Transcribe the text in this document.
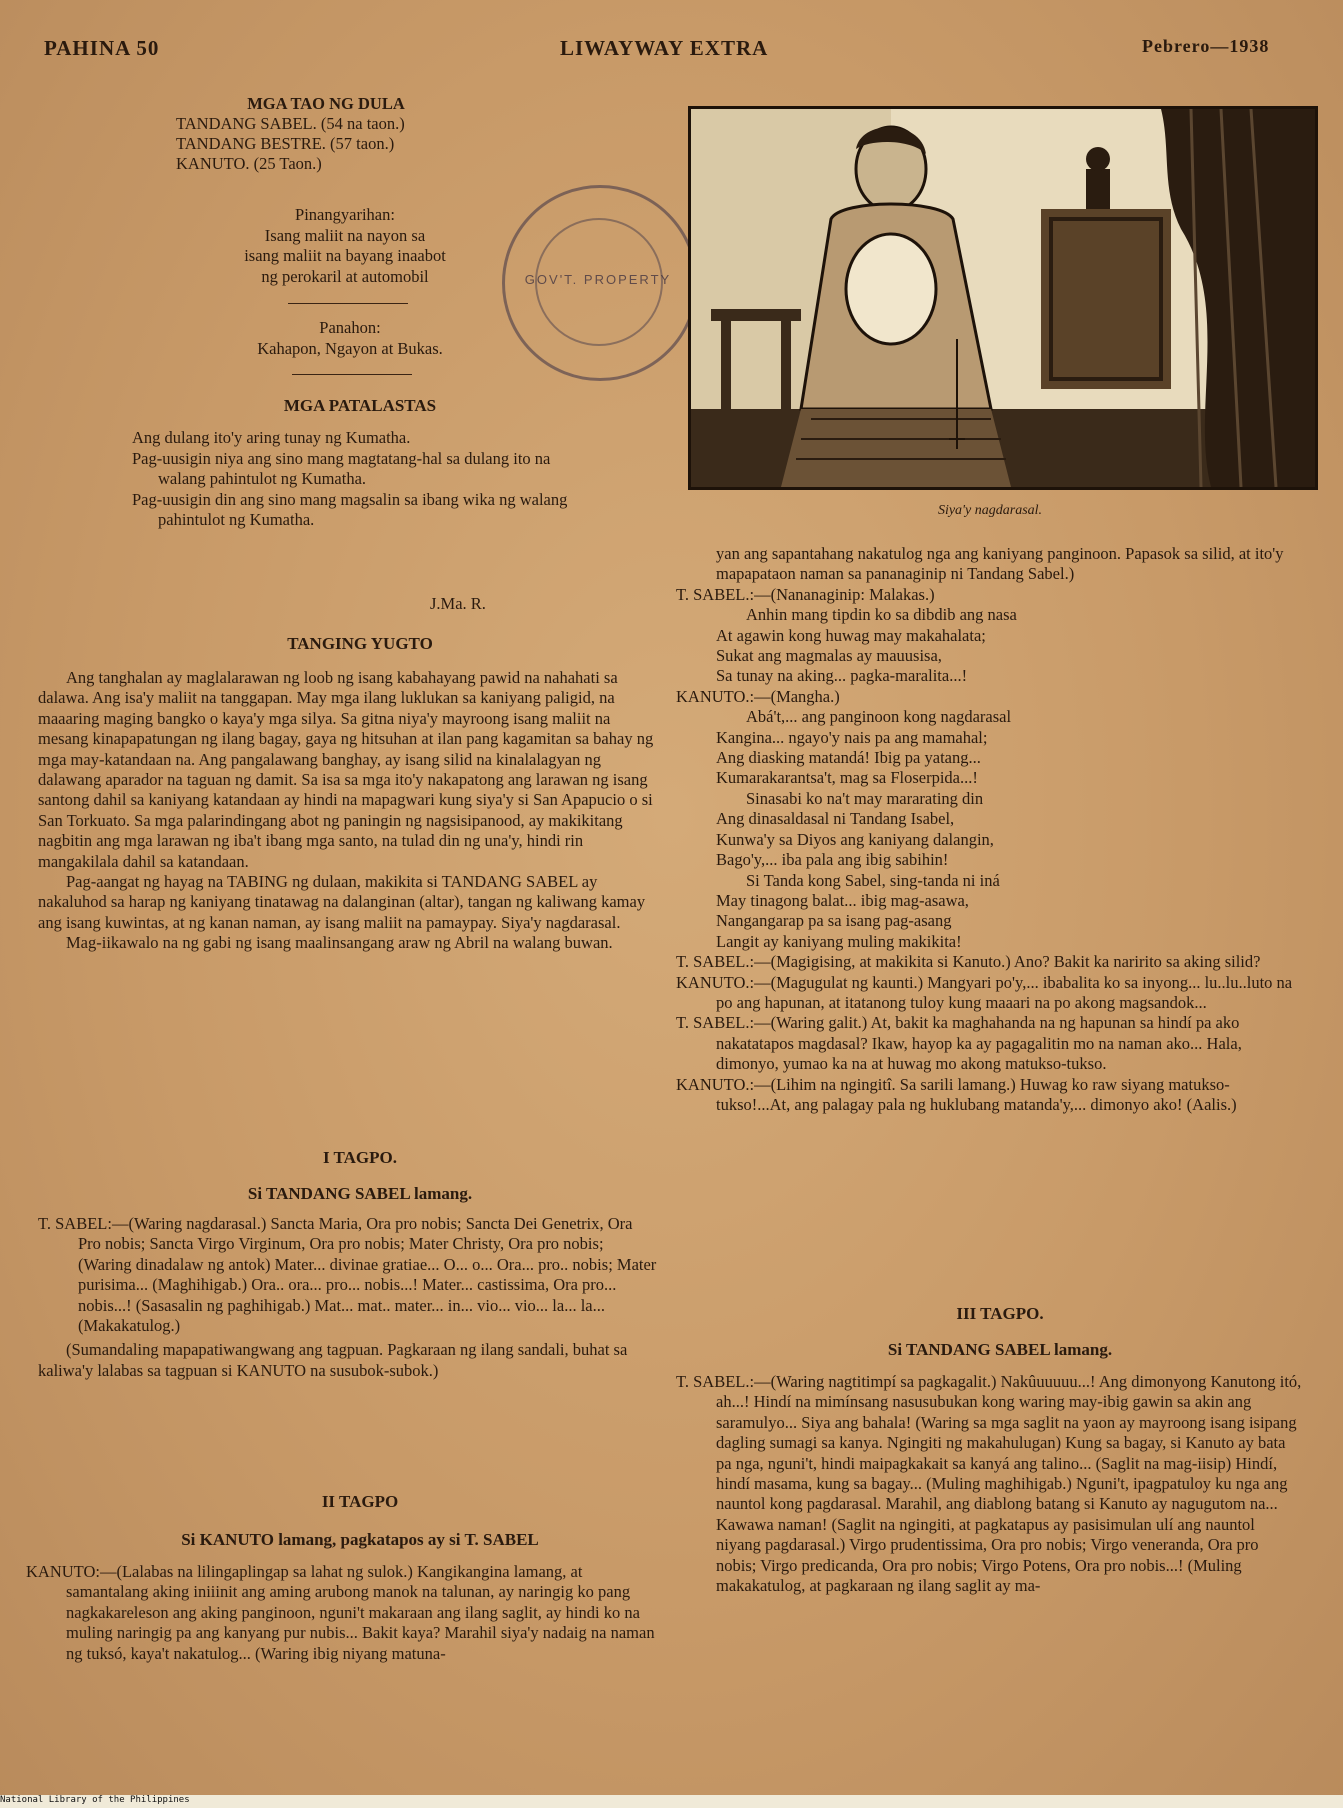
PAHINA 50	LIWAYWAY EXTRA	Pebrero—1938
MGA TAO NG DULA
TANDANG SABEL. (54 na taon.)
TANDANG BESTRE. (57 taon.)
KANUTO. (25 Taon.)
Pinangyarihan:
Isang maliit na nayon sa
isang maliit na bayang inaabot
ng perokaril at automobil
Panahon:
Kahapon, Ngayon at Bukas.
MGA PATALASTAS

Ang dulang ito'y aring tunay ng Kumatha.

Pag-uusigin niya ang sino mang magtatang-hal sa dulang ito na walang pahintulot ng Kumatha.

Pag-uusigin din ang sino mang magsalin sa ibang wika ng walang pahintulot ng Kumatha.

J.Ma. R.
GOV'T. PROPERTY
Siya'y nagdarasal.
TANGING YUGTO

Ang tanghalan ay maglalarawan ng loob ng isang kabahayang pawid na nahahati sa dalawa. Ang isa'y maliit na tanggapan. May mga ilang luklukan sa kaniyang paligid, na maaaring maging bangko o kaya'y mga silya. Sa gitna niya'y mayroong isang maliit na mesang kinapapatungan ng ilang bagay, gaya ng hitsuhan at ilan pang kagamitan sa bahay ng mga may-katandaan na. Ang pangalawang banghay, ay isang silid na kinalalagyan ng dalawang aparador na taguan ng damit. Sa isa sa mga ito'y nakapatong ang larawan ng isang santong dahil sa kaniyang katandaan ay hindi na mapagwari kung siya'y si San Apapucio o si San Torkuato. Sa mga palarindingang abot ng paningin ng nagsisipanood, ay makikitang nagbitin ang mga larawan ng iba't ibang mga santo, na tulad din ng una'y, hindi rin mangakilala dahil sa katandaan.

Pag-aangat ng hayag na TABING ng dulaan, makikita si TANDANG SABEL ay nakaluhod sa harap ng kaniyang tinatawag na dalanginan (altar), tangan ng kaliwang kamay ang isang kuwintas, at ng kanan naman, ay isang maliit na pamaypay. Siya'y nagdarasal.

Mag-iikawalo na ng gabi ng isang maalinsangang araw ng Abril na walang buwan.

I TAGPO.
Si TANDANG SABEL lamang.

T. SABEL:—(Waring nagdarasal.) Sancta Maria, Ora pro nobis; Sancta Dei Genetrix, Ora Pro nobis; Sancta Virgo Virginum, Ora pro nobis; Mater Christy, Ora pro nobis; (Waring dinadalaw ng antok) Mater... divinae gratiae... O... o... Ora... pro.. nobis; Mater purisima... (Maghihigab.) Ora.. ora... pro... nobis...! Mater... castissima, Ora pro... nobis...! (Sasasalin ng paghihigab.) Mat... mat.. mater... in... vio... vio... la... la... (Makakatulog.)

(Sumandaling mapapatiwangwang ang tagpuan. Pagkaraan ng ilang sandali, buhat sa kaliwa'y lalabas sa tagpuan si KANUTO na susubok-subok.)

II TAGPO
Si KANUTO lamang, pagkatapos ay si T. SABEL

KANUTO:—(Lalabas na lilingaplingap sa lahat ng sulok.) Kangikangina lamang, at samantalang aking iniiinit ang aming arubong manok na talunan, ay naringig ko pang nagkakareleson ang aking panginoon, nguni't makaraan ang ilang saglit, ay hindi ko na muling naringig pa ang kanyang pur nubis... Bakit kaya? Marahil siya'y nadaig na naman ng tuksó, kaya't nakatulog... (Waring ibig niyang matuna-

yan ang sapantahang nakatulog nga ang kaniyang panginoon. Papasok sa silid, at ito'y mapapataon naman sa pananaginip ni Tandang Sabel.)

T. SABEL.:—(Nananaginip: Malakas.)

Anhin mang tipdin ko sa dibdib ang nasa
At agawin kong huwag may makahalata;
Sukat ang magmalas ay mauusisa,
Sa tunay na aking... pagka-maralita...!

KANUTO.:—(Mangha.)

Abá't,... ang panginoon kong nagdarasal
Kangina... ngayo'y nais pa ang mamahal;
Ang diasking matandá! Ibig pa yatang...
Kumarakarantsa't, mag sa Floserpida...!
Sinasabi ko na't may mararating din
Ang dinasaldasal ni Tandang Isabel,
Kunwa'y sa Diyos ang kaniyang dalangin,
Bago'y,... iba pala ang ibig sabihin!
Si Tanda kong Sabel, sing-tanda ni iná
May tinagong balat... ibig mag-asawa,
Nangangarap pa sa isang pag-asang
Langit ay kaniyang muling makikita!

T. SABEL.:—(Magigising, at makikita si Kanuto.) Ano? Bakit ka naririto sa aking silid?

KANUTO.:—(Magugulat ng kaunti.) Mangyari po'y,... ibabalita ko sa inyong... lu..lu..luto na po ang hapunan, at itatanong tuloy kung maaari na po akong magsandok...

T. SABEL.:—(Waring galit.) At, bakit ka maghahanda na ng hapunan sa hindí pa ako nakatatapos magdasal? Ikaw, hayop ka ay pagagalitin mo na naman ako... Hala, dimonyo, yumao ka na at huwag mo akong matukso-tukso.

KANUTO.:—(Lihim na ngingitî. Sa sarili lamang.) Huwag ko raw siyang matukso-tukso!...At, ang palagay pala ng huklubang matanda'y,... dimonyo ako! (Aalis.)

III TAGPO.
Si TANDANG SABEL lamang.

T. SABEL.:—(Waring nagtitimpí sa pagkagalit.) Nakûuuuuu...! Ang dimonyong Kanutong itó, ah...! Hindí na mimínsang nasusubukan kong waring may-ibig gawin sa akin ang saramulyo... Siya ang bahala! (Waring sa mga saglit na yaon ay mayroong isang isipang dagling sumagi sa kanya. Ngingiti ng makahulugan) Kung sa bagay, si Kanuto ay bata pa nga, nguni't, hindi maipagkakait sa kanyá ang talino... (Saglit na mag-iisip) Hindí, hindí masama, kung sa bagay... (Muling maghihigab.) Nguni't, ipagpatuloy ku nga ang nauntol kong pagdarasal. Marahil, ang diablong batang si Kanuto ay nagugutom na... Kawawa naman! (Saglit na ngingiti, at pagkatapus ay pasisimulan ulí ang nauntol niyang pagdarasal.) Virgo prudentissima, Ora pro nobis; Virgo veneranda, Ora pro nobis; Virgo predicanda, Ora pro nobis; Virgo Potens, Ora pro nobis...! (Muling makakatulog, at pagkaraan ng ilang saglit ay ma-

National Library of the Philippines
